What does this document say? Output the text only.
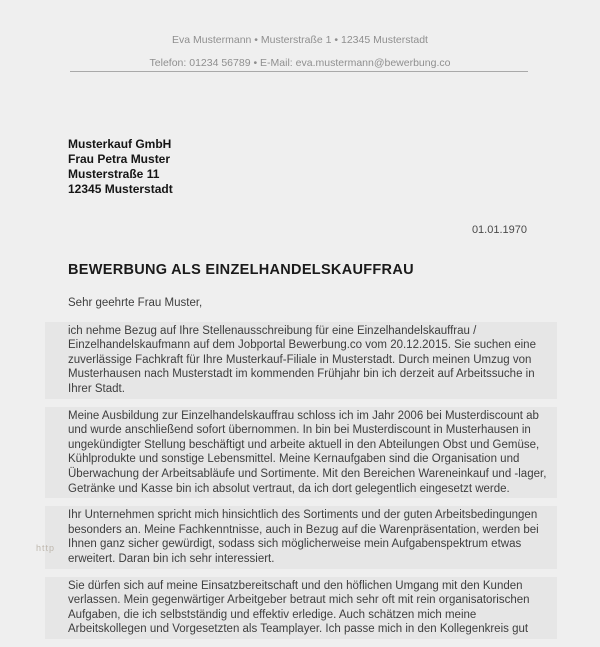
Eva Mustermann • Musterstraße 1 • 12345 Musterstadt
Telefon: 01234 56789 • E-Mail: eva.mustermann@bewerbung.co
Musterkauf GmbH
Frau Petra Muster
Musterstraße 11
12345 Musterstadt
01.01.1970
BEWERBUNG ALS EINZELHANDELSKAUFFRAU

Sehr geehrte Frau Muster,

ich nehme Bezug auf Ihre Stellenausschreibung für eine Einzelhandelskauffrau / Einzelhandelskaufmann auf dem Jobportal Bewerbung.co vom 20.12.2015. Sie suchen eine zuverlässige Fachkraft für Ihre Musterkauf-Filiale in Musterstadt. Durch meinen Umzug von Musterhausen nach Musterstadt im kommenden Frühjahr bin ich derzeit auf Arbeitssuche in Ihrer Stadt.

Meine Ausbildung zur Einzelhandelskauffrau schloss ich im Jahr 2006 bei Musterdiscount ab und wurde anschließend sofort übernommen. In bin bei Musterdiscount in Musterhausen in ungekündigter Stellung beschäftigt und arbeite aktuell in den Abteilungen Obst und Gemüse, Kühlprodukte und sonstige Lebensmittel. Meine Kernaufgaben sind die Organisation und Überwachung der Arbeitsabläufe und Sortimente. Mit den Bereichen Wareneinkauf und -lager, Getränke und Kasse bin ich absolut vertraut, da ich dort gelegentlich eingesetzt werde.

Ihr Unternehmen spricht mich hinsichtlich des Sortiments und der guten Arbeitsbedingungen besonders an. Meine Fachkenntnisse, auch in Bezug auf die Warenpräsentation, werden bei Ihnen ganz sicher gewürdigt, sodass sich möglicherweise mein Aufgabenspektrum etwas erweitert. Daran bin ich sehr interessiert.

Sie dürfen sich auf meine Einsatzbereitschaft und den höflichen Umgang mit den Kunden verlassen. Mein gegenwärtiger Arbeitgeber betraut mich sehr oft mit rein organisatorischen Aufgaben, die ich selbstständig und effektiv erledige. Auch schätzen mich meine Arbeitskollegen und Vorgesetzten als Teamplayer. Ich passe mich in den Kollegenkreis gut

http
